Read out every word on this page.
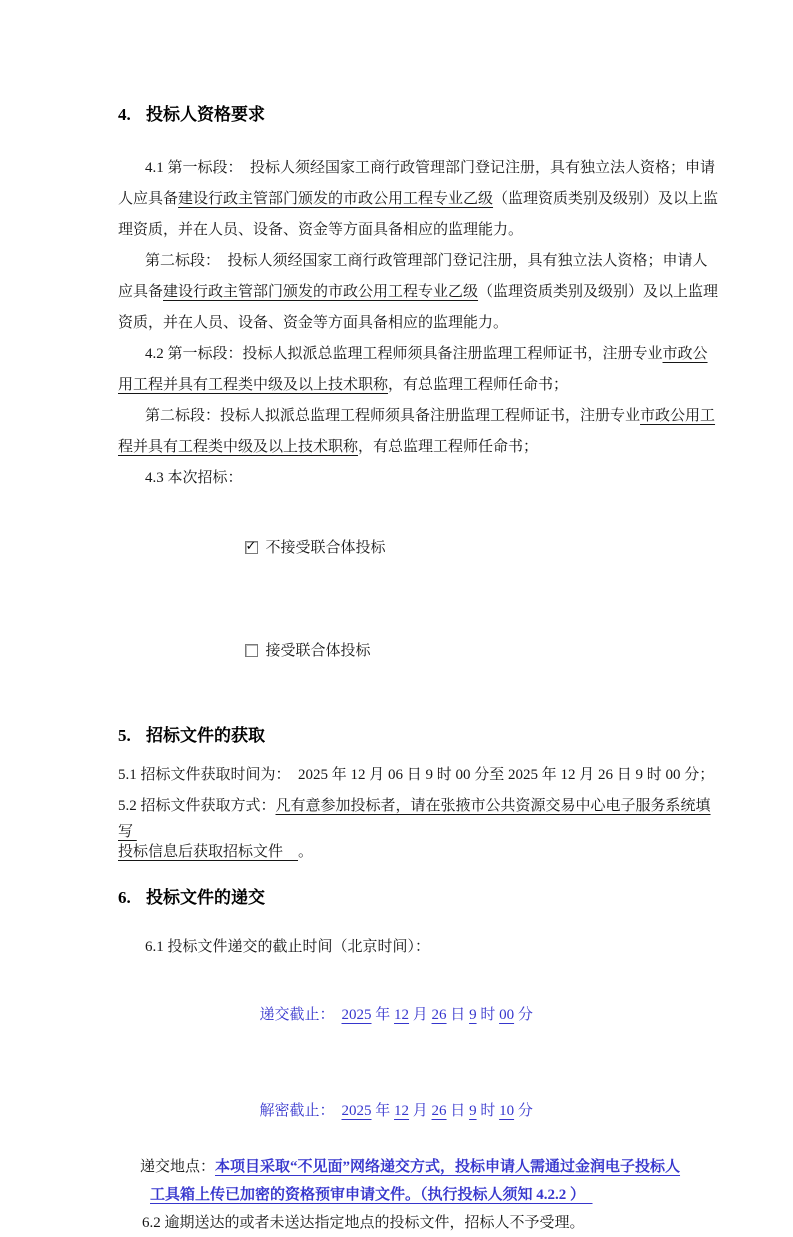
4. 投标人资格要求
4.1 第一标段：　投标人须经国家工商行政管理部门登记注册，具有独立法人资格；申请
人应具备建设行政主管部门颁发的市政公用工程专业乙级（监理资质类别及级别）及以上监
理资质，并在人员、设备、资金等方面具备相应的监理能力。
第二标段：　投标人须经国家工商行政管理部门登记注册，具有独立法人资格；申请人
应具备建设行政主管部门颁发的市政公用工程专业乙级（监理资质类别及级别）及以上监理
资质，并在人员、设备、资金等方面具备相应的监理能力。
4.2 第一标段：投标人拟派总监理工程师须具备注册监理工程师证书，注册专业市政公
用工程并具有工程类中级及以上技术职称，有总监理工程师任命书；
第二标段：投标人拟派总监理工程师须具备注册监理工程师证书，注册专业市政公用工
程并具有工程类中级及以上技术职称，有总监理工程师任命书；
4.3 本次招标：

✓ 不接受联合体投标

接受联合体投标

5. 招标文件的获取
5.1 招标文件获取时间为：　2025 年 12 月 06 日 9 时 00 分至 2025 年 12 月 26 日 9 时 00 分；
5.2 招标文件获取方式：凡有意参加投标者，请在张掖市公共资源交易中心电子服务系统填
写
投标信息后获取招标文件　。
6. 投标文件的递交
6.1 投标文件递交的截止时间（北京时间）：

递交截止： 2025 年 12 月 26 日 9 时 00 分

解密截止： 2025 年 12 月 26 日 9 时 10 分

递交地点：本项目采取“不见面”网络递交方式，投标申请人需通过金润电子投标人
工具箱上传已加密的资格预审申请文件。（执行投标人须知 4.2.2 ）　
6.2 逾期送达的或者未送达指定地点的投标文件，招标人不予受理。
